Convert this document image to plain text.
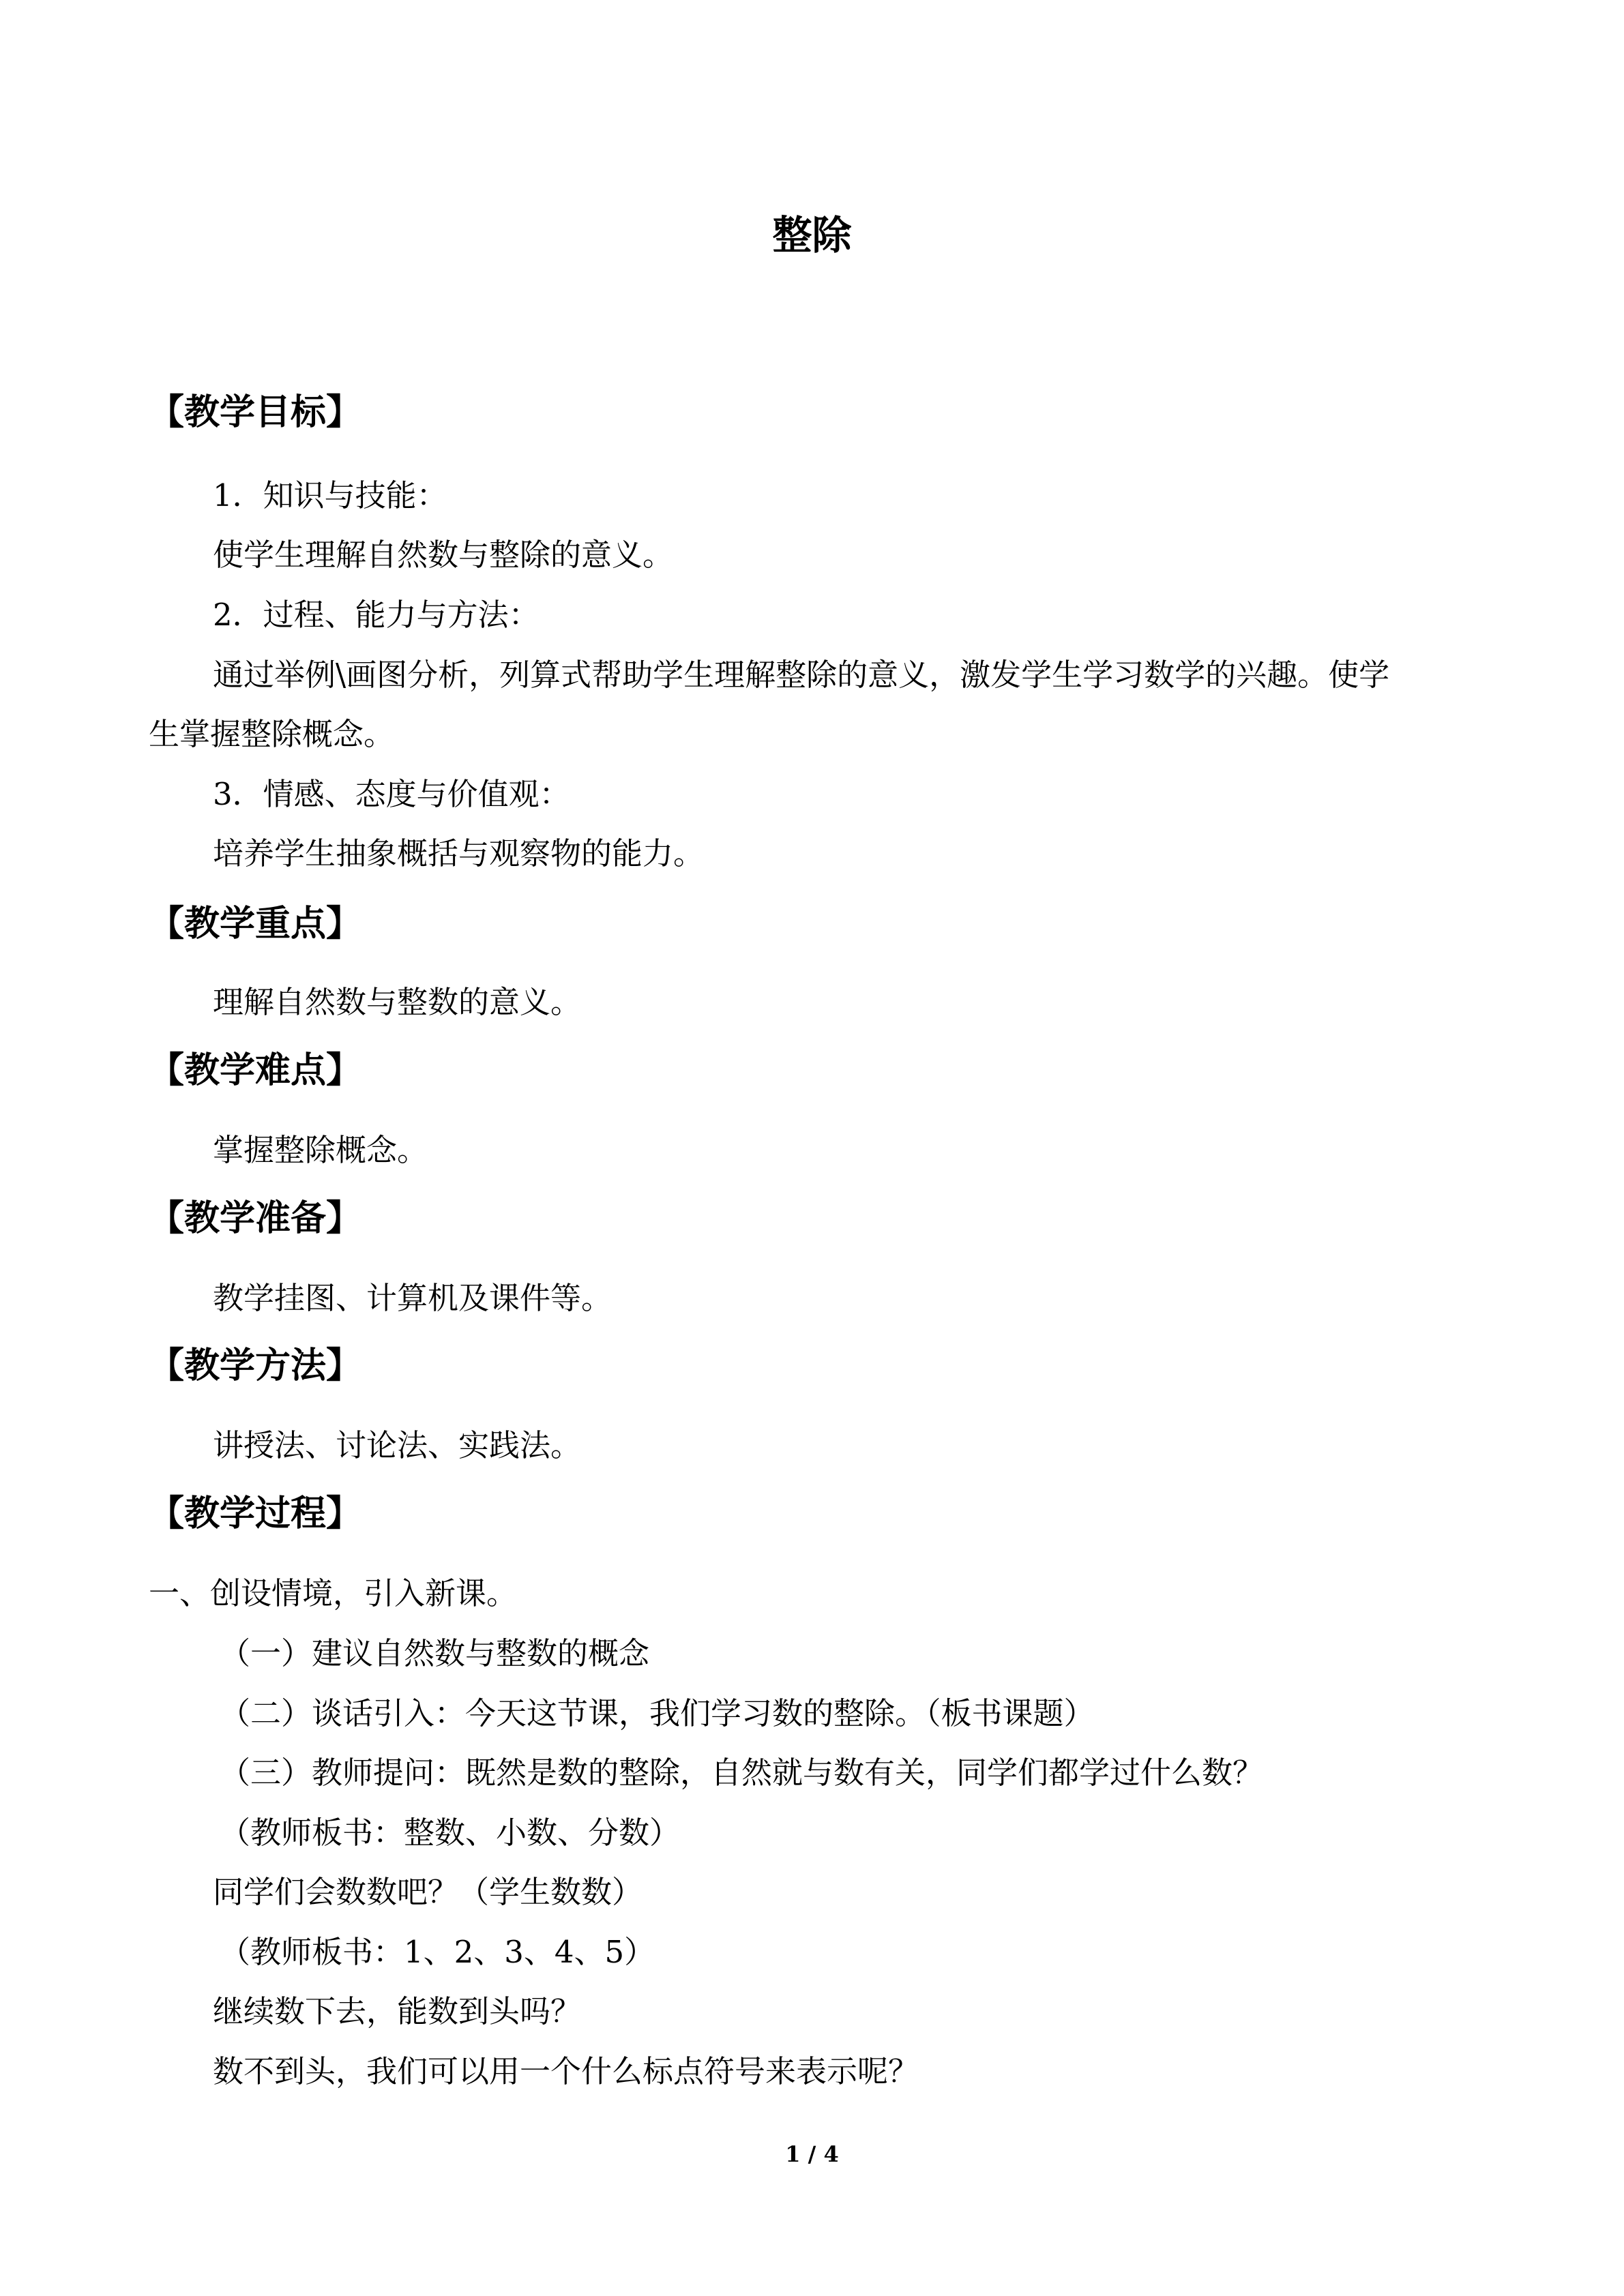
整除
【教学目标】
1．知识与技能：
使学生理解自然数与整除的意义。
2．过程、能力与方法：
通过举例\画图分析，列算式帮助学生理解整除的意义，激发学生学习数学的兴趣。使学
生掌握整除概念。
3．情感、态度与价值观：
培养学生抽象概括与观察物的能力。
【教学重点】
理解自然数与整数的意义。
【教学难点】
掌握整除概念。
【教学准备】
教学挂图、计算机及课件等。
【教学方法】
讲授法、讨论法、实践法。
【教学过程】
一、创设情境，引入新课。
（一）建议自然数与整数的概念
（二）谈话引入：今天这节课，我们学习数的整除。（板书课题）
（三）教师提问：既然是数的整除，自然就与数有关，同学们都学过什么数？
（教师板书：整数、小数、分数）
同学们会数数吧？（学生数数）
（教师板书：1、2、3、4、5）
继续数下去，能数到头吗？
数不到头，我们可以用一个什么标点符号来表示呢？
1 / 4
